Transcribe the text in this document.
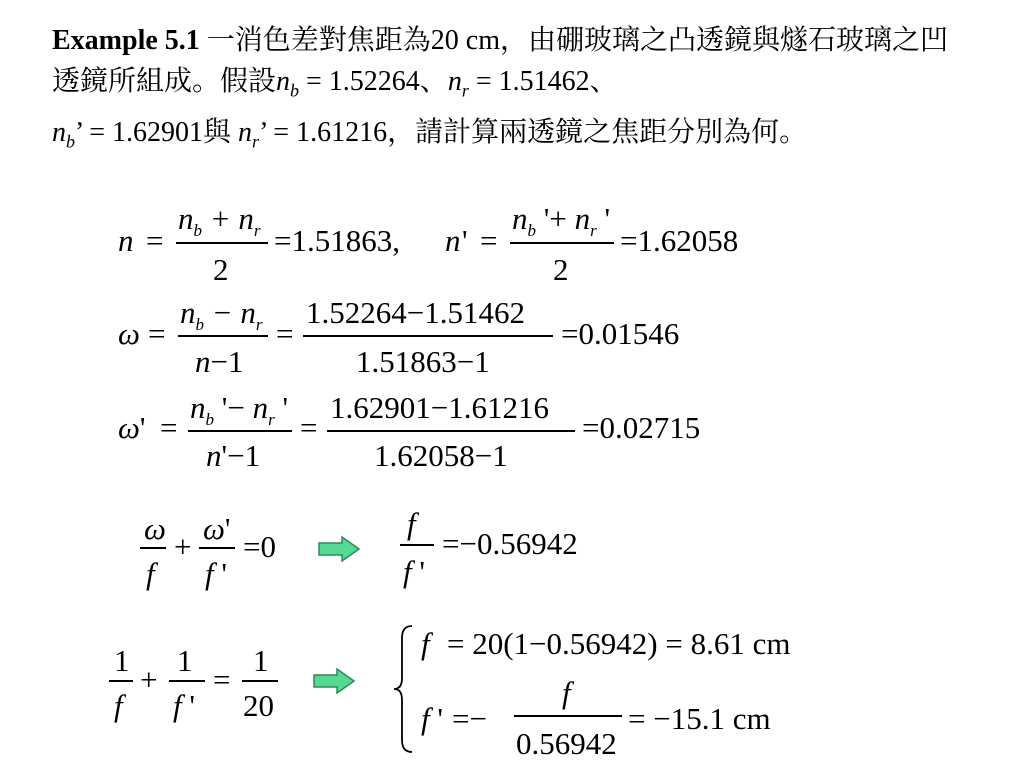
Example 5.1 一消色差對焦距為20 cm，由硼玻璃之凸透鏡與燧石玻璃之凹透鏡所組成。假設$n_b = 1.52264$、$n_r = 1.51462$、
$n_b$’ = 1.62901與 $n_r$’ = 1.61216，請計算兩透鏡之焦距分別為何。
n =
$n_b + n_r$
2
=1.51863, n ' =
$n_b$ '+ $n_r$ '
2
=1.62058
ω =
$n_b - n_r$
n−1
=
1.52264−1.51462
1.51863−1
=0.01546
ω' =
$n_b$ '− $n_r$ '
n'−1
=
1.62901−1.61216
1.62058−1
=0.02715
ω
f
+
ω'
f '
=0
f
f '
=−0.56942
1
f
+
1
f '
=
1
20
f = 20(1−0.56942) = 8.61 cm
f ' =−
f
0.56942
= −15.1 cm
